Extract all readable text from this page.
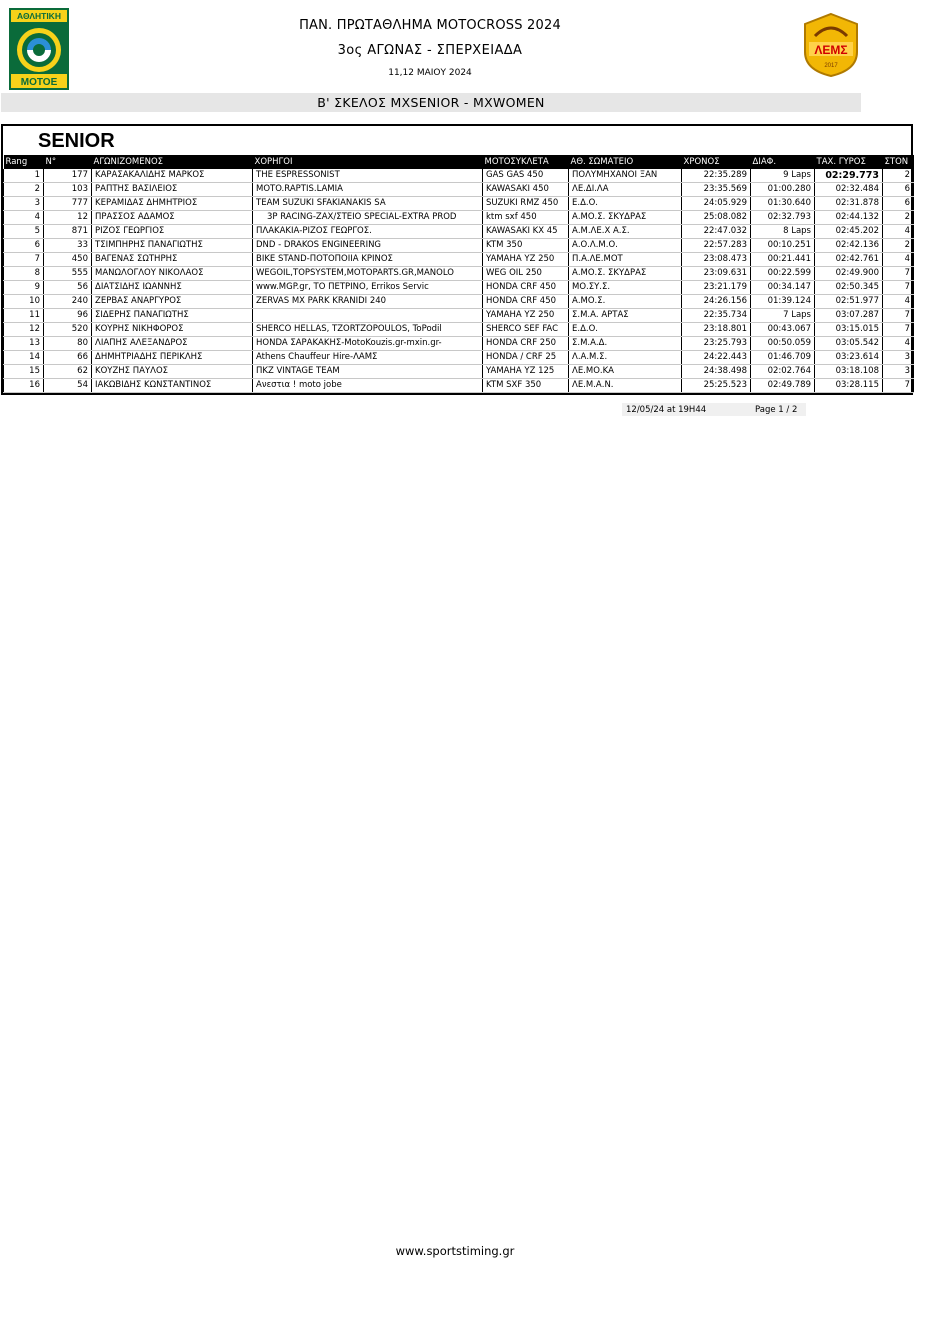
ΑΘΛΗΤΙΚΗ
ΜΟΤΟΕ
ΛΕΜΣ
2017
ΠΑΝ. ΠΡΩΤΑΘΛΗΜΑ MOTOCROSS 2024
3ος ΑΓΩΝΑΣ - ΣΠΕΡΧΕΙΑΔΑ
11,12 ΜΑΙΟΥ 2024
Β' ΣΚΕΛΟΣ MXSENIOR - MXWOMEN
SENIOR
Rang	N°	ΑΓΩΝΙΖΟΜΕΝΟΣ	ΧΟΡΗΓΟΙ	ΜΟΤΟΣΥΚΛΕΤΑ	ΑΘ. ΣΩΜΑΤΕΙΟ	ΧΡΟΝΟΣ	ΔΙΑΦ.	ΤΑΧ. ΓΥΡΟΣ	ΣΤΟΝ
1	177	ΚΑΡΑΣΑΚΑΛΙΔΗΣ ΜΑΡΚΟΣ	THE ESPRESSONIST	GAS GAS 450	ΠΟΛΥΜΗΧΑΝΟΙ ΞΑΝ	22:35.289	9 Laps	02:29.773	2
2	103	ΡΑΠΤΗΣ ΒΑΣΙΛΕΙΟΣ	MOTO.RAPTIS.LAMIA	KAWASAKI 450	ΛΕ.ΔΙ.ΛΑ	23:35.569	01:00.280	02:32.484	6
3	777	ΚΕΡΑΜΙΔΑΣ ΔΗΜΗΤΡΙΟΣ	TEAM SUZUKI SFAKIANAKIS SA	SUZUKI RMZ 450	Ε.Δ.Ο.	24:05.929	01:30.640	02:31.878	6
4	12	ΠΡΑΣΣΟΣ ΑΔΑΜΟΣ	3P RACING-ZAX/ΣΤΕΙΟ SPECIAL-EXTRA PROD	ktm sxf 450	Α.ΜΟ.Σ. ΣΚΥΔΡΑΣ	25:08.082	02:32.793	02:44.132	2
5	871	ΡΙΖΟΣ ΓΕΩΡΓΙΟΣ	ΠΛΑΚΑΚΙΑ-ΡΙΖΟΣ ΓΕΩΡΓΟΣ.	KAWASAKI KX 45	Α.Μ.ΛΕ.Χ Α.Σ.	22:47.032	8 Laps	02:45.202	4
6	33	ΤΣΙΜΠΗΡΗΣ ΠΑΝΑΓΙΩΤΗΣ	DND - DRAKOS ENGINEERING	KTM 350	Α.Ο.Λ.Μ.Ο.	22:57.283	00:10.251	02:42.136	2
7	450	ΒΑΓΕΝΑΣ ΣΩΤΗΡΗΣ	BIKE STAND-ΠΟΤΟΠΟΙΙΑ ΚΡΙΝΟΣ	YAMAHA YZ 250	Π.Α.ΛΕ.ΜΟΤ	23:08.473	00:21.441	02:42.761	4
8	555	ΜΑΝΩΛΟΓΛΟΥ ΝΙΚΟΛΑΟΣ	WEGOIL,TOPSYSTEM,MOTOPARTS.GR,MANOLO	WEG OIL 250	Α.ΜΟ.Σ. ΣΚΥΔΡΑΣ	23:09.631	00:22.599	02:49.900	7
9	56	ΔΙΑΤΣΙΔΗΣ ΙΩΑΝΝΗΣ	www.MGP.gr, ΤΟ ΠΕΤΡΙΝΟ, Errikos Servic	HONDA CRF 450	ΜΟ.ΣΥ.Σ.	23:21.179	00:34.147	02:50.345	7
10	240	ΖΕΡΒΑΣ ΑΝΑΡΓΥΡΟΣ	ZERVAS MX PARK KRANIDI 240	HONDA CRF 450	Α.ΜΟ.Σ.	24:26.156	01:39.124	02:51.977	4
11	96	ΣΙΔΕΡΗΣ ΠΑΝΑΓΙΩΤΗΣ		YAMAHA YZ 250	Σ.Μ.Α. ΑΡΤΑΣ	22:35.734	7 Laps	03:07.287	7
12	520	ΚΟΥΡΗΣ ΝΙΚΗΦΟΡΟΣ	SHERCO HELLAS, TZORTZOPOULOS, ToPodil	SHERCO SEF FAC	Ε.Δ.Ο.	23:18.801	00:43.067	03:15.015	7
13	80	ΛΙΑΠΗΣ ΑΛΕΞΑΝΔΡΟΣ	HONDA ΣΑΡΑΚΑΚΗΣ-MotoKouzis.gr-mxin.gr-	HONDA CRF 250	Σ.Μ.Α.Δ.	23:25.793	00:50.059	03:05.542	4
14	66	ΔΗΜΗΤΡΙΑΔΗΣ ΠΕΡΙΚΛΗΣ	Athens Chauffeur Hire-ΛΑΜΣ	HONDA / CRF 25	Λ.Α.Μ.Σ.	24:22.443	01:46.709	03:23.614	3
15	62	ΚΟΥΖΗΣ ΠΑΥΛΟΣ	ΠΚΖ VINTAGE TEAM	YAMAHA YZ 125	ΛΕ.ΜΟ.ΚΑ	24:38.498	02:02.764	03:18.108	3
16	54	ΙΑΚΩΒΙΔΗΣ ΚΩΝΣΤΑΝΤΙΝΟΣ	Ανεστια ! moto jobe	KTM SXF 350	ΛΕ.Μ.Α.Ν.	25:25.523	02:49.789	03:28.115	7
12/05/24 at 19H44	Page 1 / 2
www.sportstiming.gr
